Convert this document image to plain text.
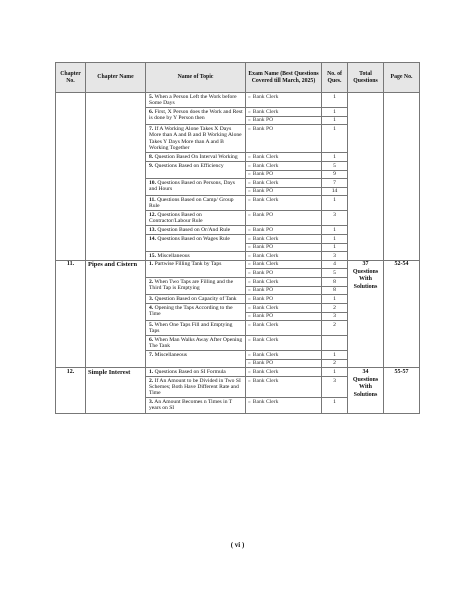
Chapter No.	Chapter Name	Name of Topic	Exam Name (Best Questions Covered till March, 2025)	No. of Ques.	Total Questions	Page No.
		5. When a Person Left the Work before Some Days	» Bank Clerk	1		
		6. First, X Person does the Work and Rest is done by Y Person then	» Bank Clerk	1		
			» Bank PO	1		
		7. If A Working Alone Takes X Days More than A and B and B Working Alone Takes Y Days More than A and B Working Together	» Bank PO	1		
		8. Question Based On Interval Working	» Bank Clerk	1		
		9. Questions Based on Efficiency	» Bank Clerk	5		
			» Bank PO	9		
		10. Questions Based on Persons, Days and Hours	» Bank Clerk	7		
			» Bank PO	14		
		11. Questions Based on Camp/ Group Rule	» Bank Clerk	1		
		12. Questions Based on Contractor/Labour Rule	» Bank PO	3		
		13. Question Based on Or/And Rule	» Bank PO	1		
		14. Questions Based on Wages Rule	» Bank Clerk	1		
			» Bank PO	1		
		15. Miscellaneous	» Bank Clerk	3		
11.	Pipes and Cistern	1. Partwise Filling Tank by Taps	» Bank Clerk	4	37 Questions With Solutions	52-54
			» Bank PO	5		
		2. When Two Taps are Filling and the Third Tap is Emptying	» Bank Clerk	8		
			» Bank PO	8		
		3. Question Based on Capacity of Tank	» Bank PO	1		
		4. Opening the Taps According to the Time	» Bank Clerk	2		
			» Bank PO	3		
		5. When One Taps Fill and Emptying Taps	» Bank Clerk	2		
		6. When Man Walks Away After Opening The Tank	» Bank Clerk			
		7. Miscellaneous	» Bank Clerk	1		
			» Bank PO	2		
12.	Simple Interest	1. Questions Based on SI Formula	» Bank Clerk	1	34 Questions With Solutions	55-57
		2. If An Amount to be Divided in Two SI Schemes; Both Have Different Rate and Time	» Bank Clerk	3		
		3. An Amount Becomes n Times in T years on SI	» Bank Clerk	1		
( vi )
